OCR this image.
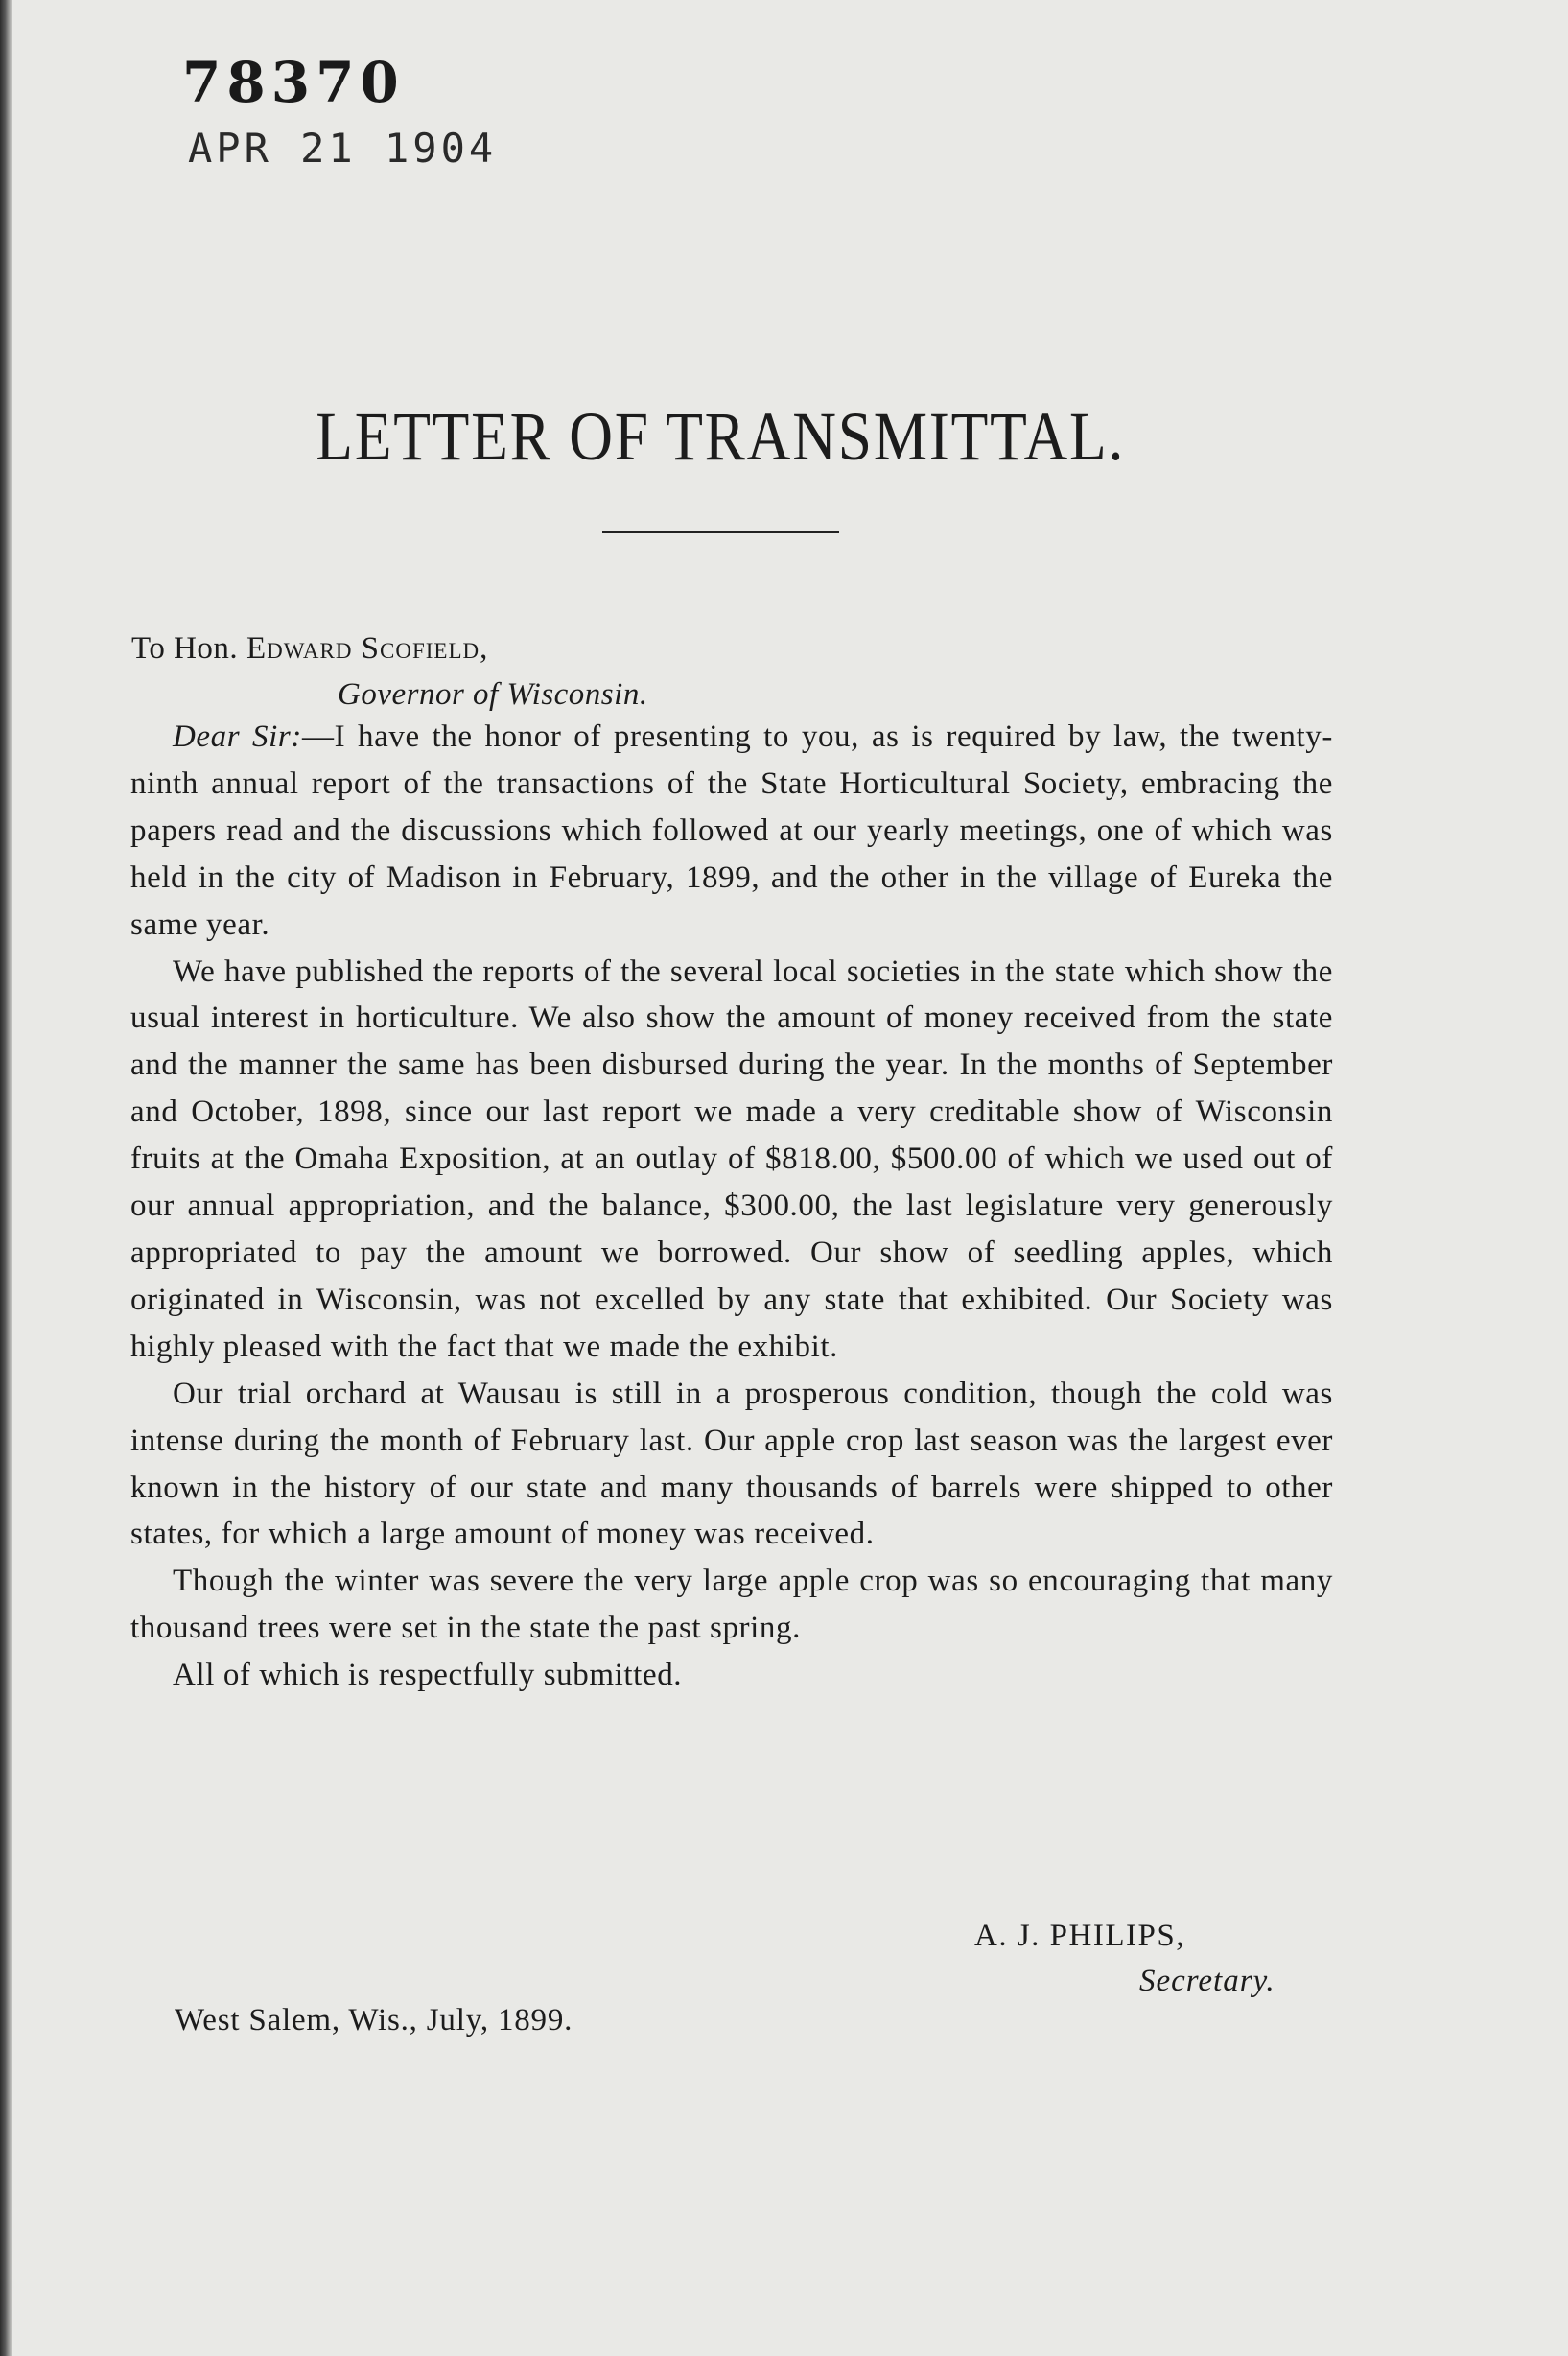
78370
APR 21 1904
LETTER OF TRANSMITTAL.
To Hon. Edward Scofield,
Governor of Wisconsin.

Dear Sir:—I have the honor of presenting to you, as is required by law, the twenty-ninth annual report of the transactions of the State Horticultural Society, embracing the papers read and the discussions which followed at our yearly meetings, one of which was held in the city of Madison in February, 1899, and the other in the village of Eureka the same year.

We have published the reports of the several local societies in the state which show the usual interest in horticulture. We also show the amount of money received from the state and the manner the same has been disbursed during the year. In the months of September and October, 1898, since our last report we made a very creditable show of Wisconsin fruits at the Omaha Exposition, at an outlay of $818.00, $500.00 of which we used out of our annual appropriation, and the balance, $300.00, the last legislature very generously appropriated to pay the amount we borrowed. Our show of seedling apples, which originated in Wisconsin, was not excelled by any state that exhibited. Our Society was highly pleased with the fact that we made the exhibit.

Our trial orchard at Wausau is still in a prosperous condition, though the cold was intense during the month of February last. Our apple crop last season was the largest ever known in the history of our state and many thousands of barrels were shipped to other states, for which a large amount of money was received.

Though the winter was severe the very large apple crop was so encouraging that many thousand trees were set in the state the past spring.

All of which is respectfully submitted.

A. J. PHILIPS,
Secretary.
West Salem, Wis., July, 1899.
